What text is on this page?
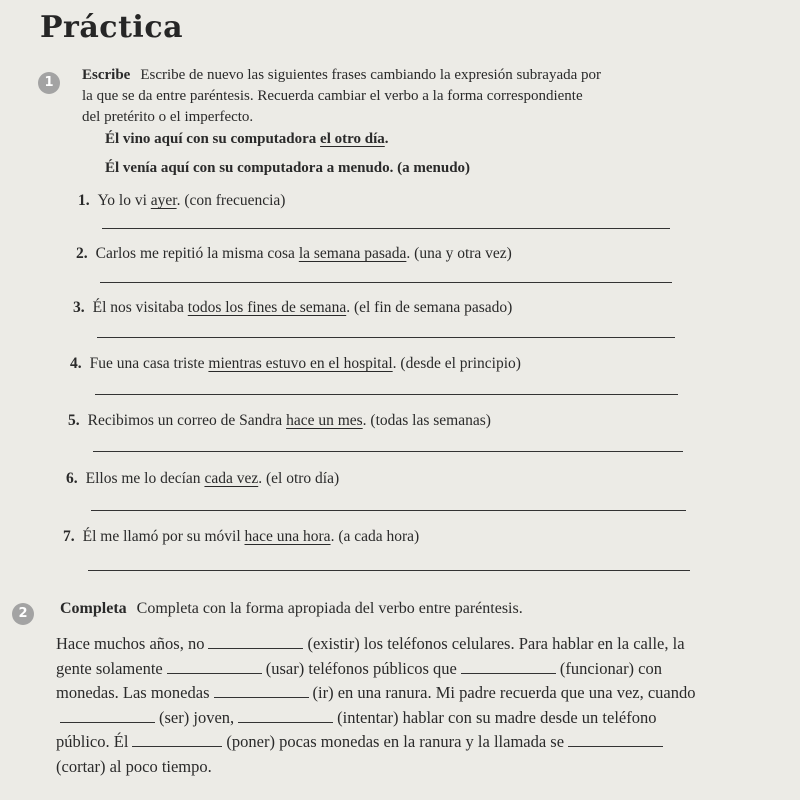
Práctica
1	Escribe Escribe de nuevo las siguientes frases cambiando la expresión subrayada por la que se da entre paréntesis. Recuerda cambiar el verbo a la forma correspondiente del pretérito o el imperfecto.
Él vino aquí con su computadora el otro día.
Él venía aquí con su computadora a menudo. (a menudo)
1. Yo lo vi ayer. (con frecuencia)
2. Carlos me repitió la misma cosa la semana pasada. (una y otra vez)
3. Él nos visitaba todos los fines de semana. (el fin de semana pasado)
4. Fue una casa triste mientras estuvo en el hospital. (desde el principio)
5. Recibimos un correo de Sandra hace un mes. (todas las semanas)
6. Ellos me lo decían cada vez. (el otro día)
7. Él me llamó por su móvil hace una hora. (a cada hora)
2	Completa Completa con la forma apropiada del verbo entre paréntesis.
Hace muchos años, no	(existir) los teléfonos celulares. Para hablar en la calle, la gente solamente	(usar) teléfonos públicos que	(funcionar) con monedas. Las monedas	(ir) en una ranura. Mi padre recuerda que una vez, cuando(ser) joven,	(intentar) hablar con su madre desde un teléfono público. Él	(poner) pocas monedas en la ranura y la llamada se(cortar) al poco tiempo.
